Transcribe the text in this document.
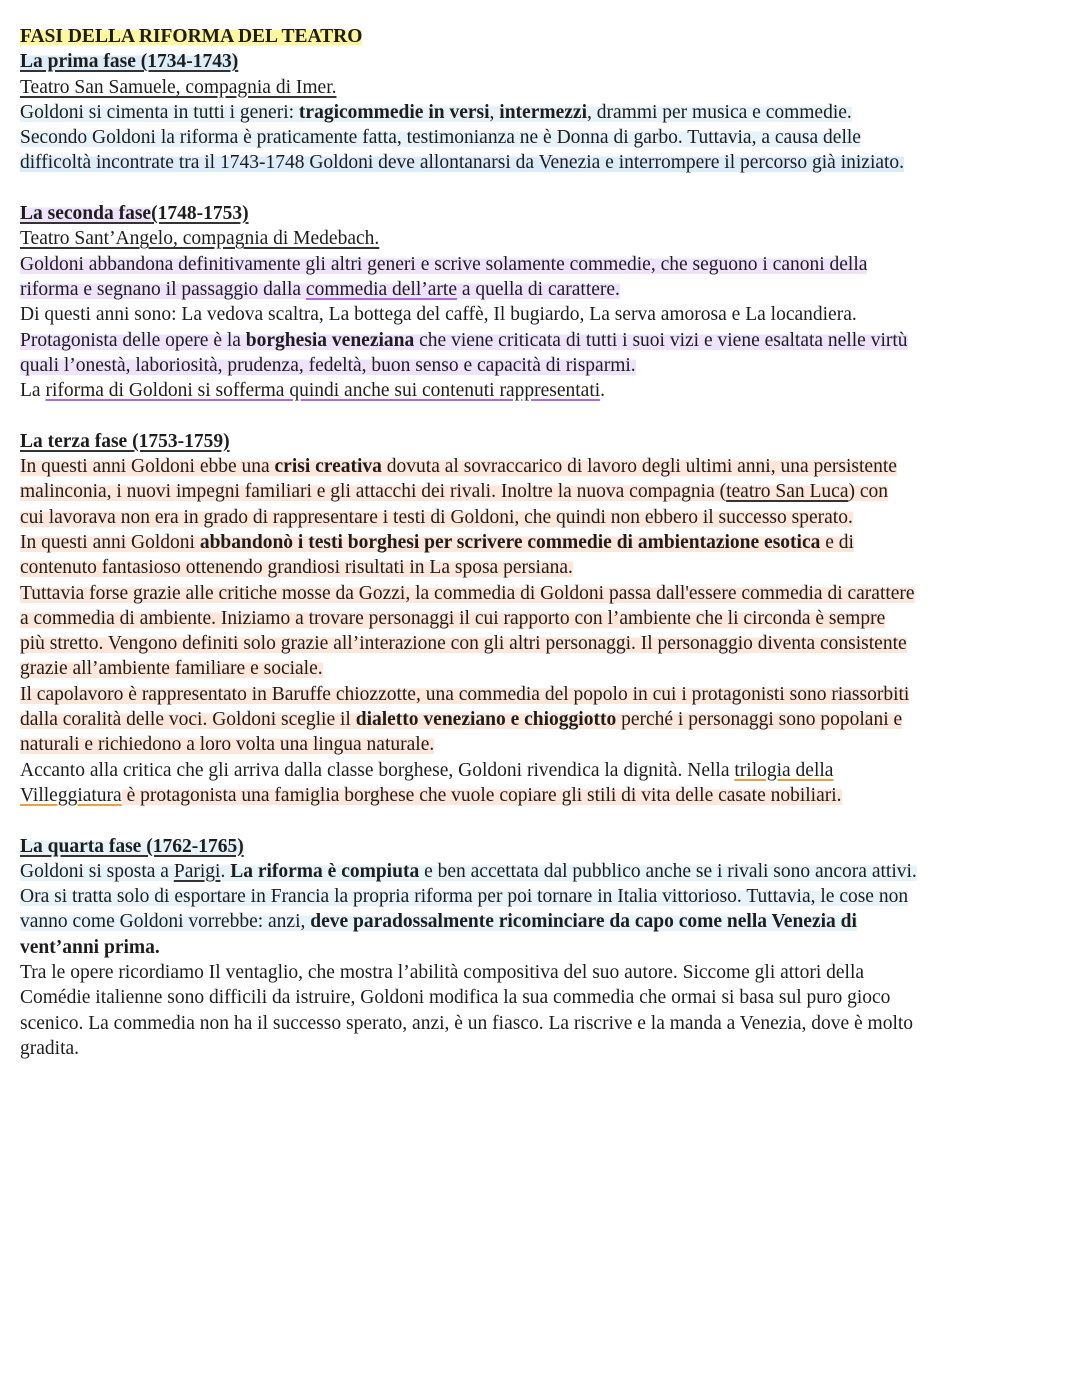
FASI DELLA RIFORMA DEL TEATRO
La prima fase (1734-1743)
Teatro San Samuele, compagnia di Imer.
Goldoni si cimenta in tutti i generi: tragicommedie in versi, intermezzi, drammi per musica e commedie.
Secondo Goldoni la riforma è praticamente fatta, testimonianza ne è Donna di garbo. Tuttavia, a causa delle
difficoltà incontrate tra il 1743-1748 Goldoni deve allontanarsi da Venezia e interrompere il percorso già iniziato.
La seconda fase(1748-1753)
Teatro Sant’Angelo, compagnia di Medebach.
Goldoni abbandona definitivamente gli altri generi e scrive solamente commedie, che seguono i canoni della
riforma e segnano il passaggio dalla commedia dell’arte a quella di carattere.
Di questi anni sono: La vedova scaltra, La bottega del caffè, Il bugiardo, La serva amorosa e La locandiera.
Protagonista delle opere è la borghesia veneziana che viene criticata di tutti i suoi vizi e viene esaltata nelle virtù
quali l’onestà, laboriosità, prudenza, fedeltà, buon senso e capacità di risparmi.
La riforma di Goldoni si sofferma quindi anche sui contenuti rappresentati.
La terza fase (1753-1759)
In questi anni Goldoni ebbe una crisi creativa dovuta al sovraccarico di lavoro degli ultimi anni, una persistente
malinconia, i nuovi impegni familiari e gli attacchi dei rivali. Inoltre la nuova compagnia (teatro San Luca) con
cui lavorava non era in grado di rappresentare i testi di Goldoni, che quindi non ebbero il successo sperato.
In questi anni Goldoni abbandonò i testi borghesi per scrivere commedie di ambientazione esotica e di
contenuto fantasioso ottenendo grandiosi risultati in La sposa persiana.
Tuttavia forse grazie alle critiche mosse da Gozzi, la commedia di Goldoni passa dall'essere commedia di carattere
a commedia di ambiente. Iniziamo a trovare personaggi il cui rapporto con l’ambiente che li circonda è sempre
più stretto. Vengono definiti solo grazie all’interazione con gli altri personaggi. Il personaggio diventa consistente
grazie all’ambiente familiare e sociale.
Il capolavoro è rappresentato in Baruffe chiozzotte, una commedia del popolo in cui i protagonisti sono riassorbiti
dalla coralità delle voci. Goldoni sceglie il dialetto veneziano e chioggiotto perché i personaggi sono popolani e
naturali e richiedono a loro volta una lingua naturale.
Accanto alla critica che gli arriva dalla classe borghese, Goldoni rivendica la dignità. Nella trilogia della
Villeggiatura è protagonista una famiglia borghese che vuole copiare gli stili di vita delle casate nobiliari.
La quarta fase (1762-1765)
Goldoni si sposta a Parigi. La riforma è compiuta e ben accettata dal pubblico anche se i rivali sono ancora attivi.
Ora si tratta solo di esportare in Francia la propria riforma per poi tornare in Italia vittorioso. Tuttavia, le cose non
vanno come Goldoni vorrebbe: anzi, deve paradossalmente ricominciare da capo come nella Venezia di
vent’anni prima.
Tra le opere ricordiamo Il ventaglio, che mostra l’abilità compositiva del suo autore. Siccome gli attori della
Comédie italienne sono difficili da istruire, Goldoni modifica la sua commedia che ormai si basa sul puro gioco
scenico. La commedia non ha il successo sperato, anzi, è un fiasco. La riscrive e la manda a Venezia, dove è molto
gradita.
